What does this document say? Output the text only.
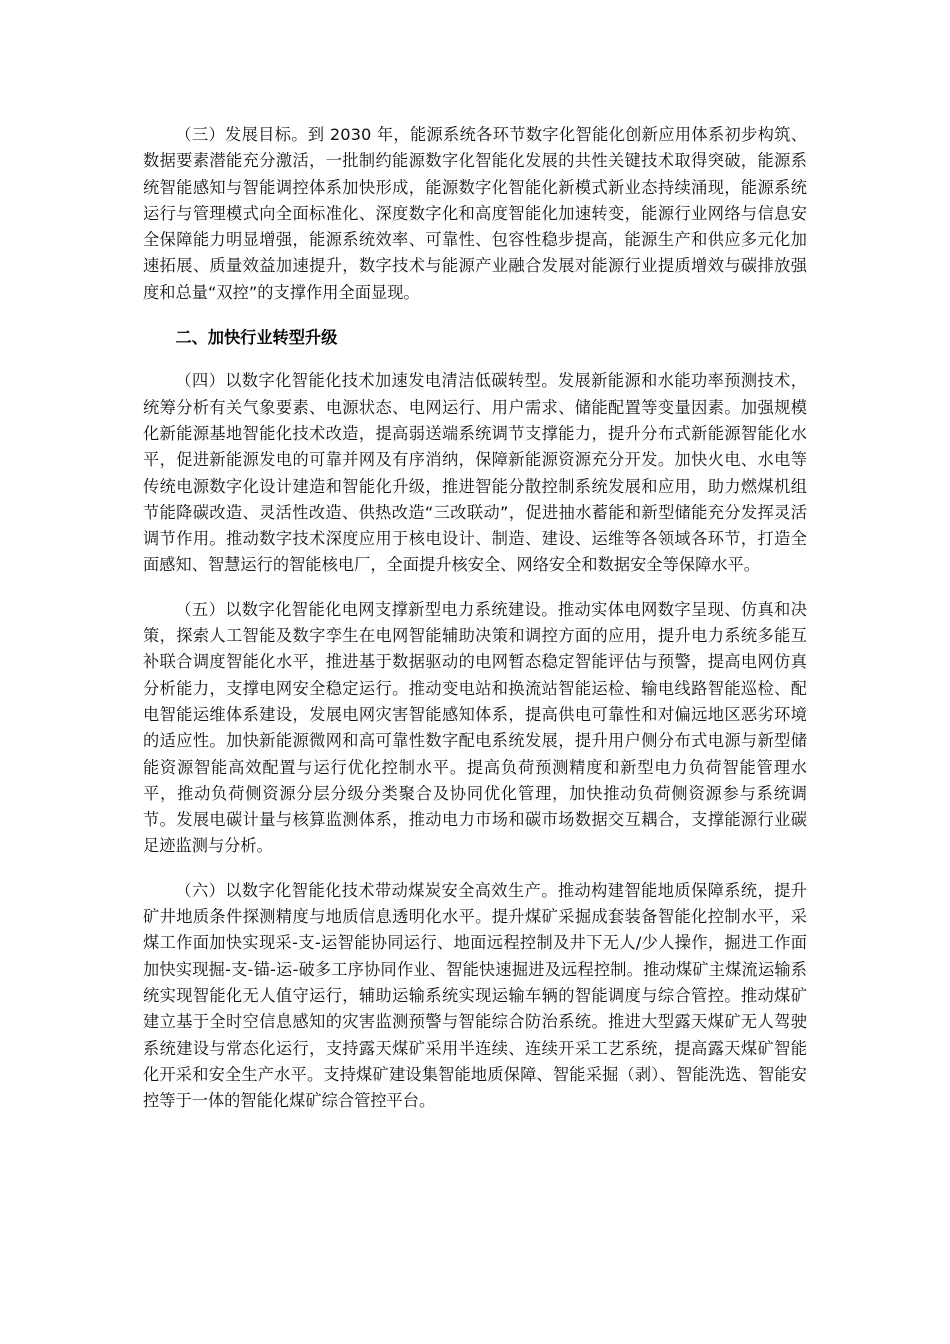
（三）发展目标。到 2030 年，能源系统各环节数字化智能化创新应用体系初步构筑、数据要素潜能充分激活，一批制约能源数字化智能化发展的共性关键技术取得突破，能源系统智能感知与智能调控体系加快形成，能源数字化智能化新模式新业态持续涌现，能源系统运行与管理模式向全面标准化、深度数字化和高度智能化加速转变，能源行业网络与信息安全保障能力明显增强，能源系统效率、可靠性、包容性稳步提高，能源生产和供应多元化加速拓展、质量效益加速提升，数字技术与能源产业融合发展对能源行业提质增效与碳排放强度和总量“双控”的支撑作用全面显现。

二、加快行业转型升级

（四）以数字化智能化技术加速发电清洁低碳转型。发展新能源和水能功率预测技术，统筹分析有关气象要素、电源状态、电网运行、用户需求、储能配置等变量因素。加强规模化新能源基地智能化技术改造，提高弱送端系统调节支撑能力，提升分布式新能源智能化水平，促进新能源发电的可靠并网及有序消纳，保障新能源资源充分开发。加快火电、水电等传统电源数字化设计建造和智能化升级，推进智能分散控制系统发展和应用，助力燃煤机组节能降碳改造、灵活性改造、供热改造“三改联动”，促进抽水蓄能和新型储能充分发挥灵活调节作用。推动数字技术深度应用于核电设计、制造、建设、运维等各领域各环节，打造全面感知、智慧运行的智能核电厂，全面提升核安全、网络安全和数据安全等保障水平。

（五）以数字化智能化电网支撑新型电力系统建设。推动实体电网数字呈现、仿真和决策，探索人工智能及数字孪生在电网智能辅助决策和调控方面的应用，提升电力系统多能互补联合调度智能化水平，推进基于数据驱动的电网暂态稳定智能评估与预警，提高电网仿真分析能力，支撑电网安全稳定运行。推动变电站和换流站智能运检、输电线路智能巡检、配电智能运维体系建设，发展电网灾害智能感知体系，提高供电可靠性和对偏远地区恶劣环境的适应性。加快新能源微网和高可靠性数字配电系统发展，提升用户侧分布式电源与新型储能资源智能高效配置与运行优化控制水平。提高负荷预测精度和新型电力负荷智能管理水平，推动负荷侧资源分层分级分类聚合及协同优化管理，加快推动负荷侧资源参与系统调节。发展电碳计量与核算监测体系，推动电力市场和碳市场数据交互耦合，支撑能源行业碳足迹监测与分析。

（六）以数字化智能化技术带动煤炭安全高效生产。推动构建智能地质保障系统，提升矿井地质条件探测精度与地质信息透明化水平。提升煤矿采掘成套装备智能化控制水平，采煤工作面加快实现采-支-运智能协同运行、地面远程控制及井下无人/少人操作，掘进工作面加快实现掘-支-锚-运-破多工序协同作业、智能快速掘进及远程控制。推动煤矿主煤流运输系统实现智能化无人值守运行，辅助运输系统实现运输车辆的智能调度与综合管控。推动煤矿建立基于全时空信息感知的灾害监测预警与智能综合防治系统。推进大型露天煤矿无人驾驶系统建设与常态化运行，支持露天煤矿采用半连续、连续开采工艺系统，提高露天煤矿智能化开采和安全生产水平。支持煤矿建设集智能地质保障、智能采掘（剥）、智能洗选、智能安控等于一体的智能化煤矿综合管控平台。
